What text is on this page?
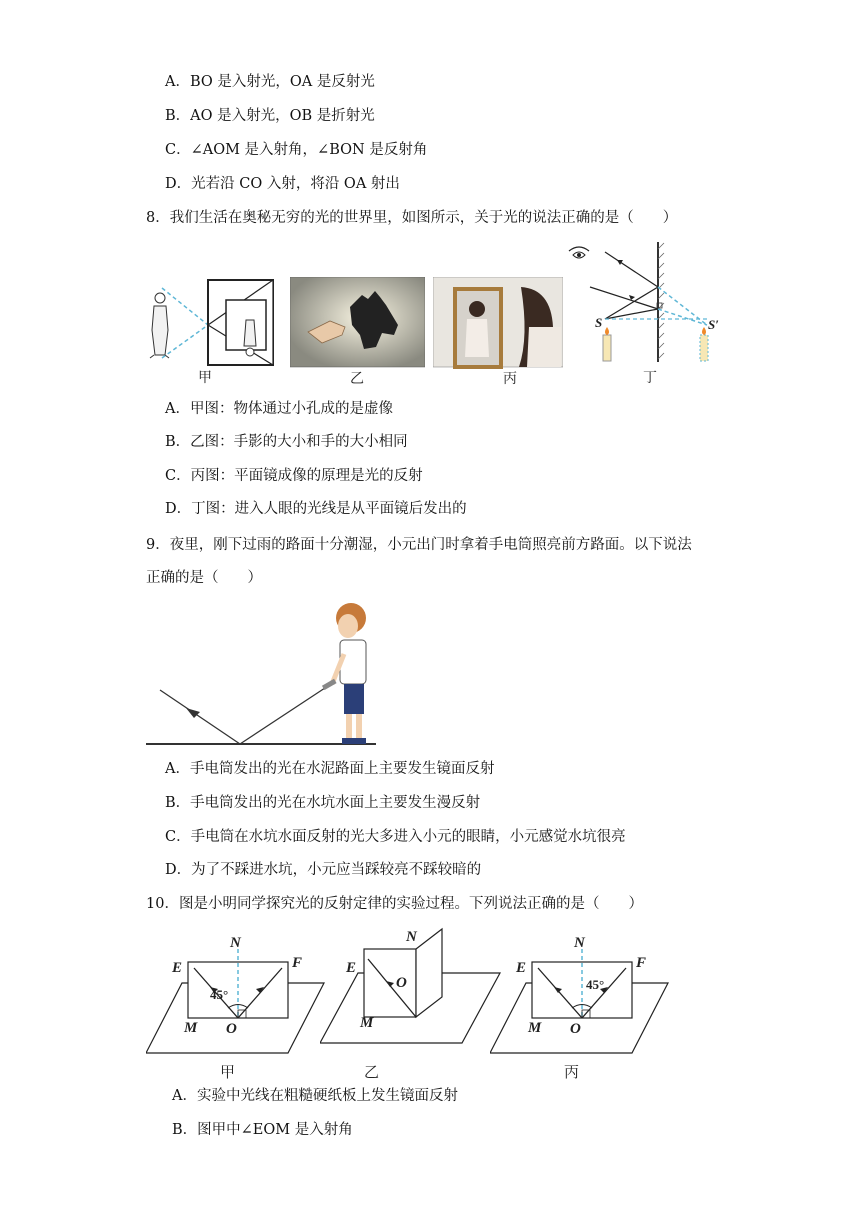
A．BO 是入射光，OA 是反射光
B．AO 是入射光，OB 是折射光
C．∠AOM 是入射角，∠BON 是反射角
D．光若沿 CO 入射，将沿 OA 射出
8．我们生活在奥秘无穷的光的世界里，如图所示，关于光的说法正确的是（　　）
甲	乙	丙
S	S′
丁
A．甲图：物体通过小孔成的是虚像
B．乙图：手影的大小和手的大小相同
C．丙图：平面镜成像的原理是光的反射
D．丁图：进入人眼的光线是从平面镜后发出的
9．夜里，刚下过雨的路面十分潮湿，小元出门时拿着手电筒照亮前方路面。以下说法
正确的是（　　）
A．手电筒发出的光在水泥路面上主要发生镜面反射
B．手电筒发出的光在水坑水面上主要发生漫反射
C．手电筒在水坑水面反射的光大多进入小元的眼睛，小元感觉水坑很亮
D．为了不踩进水坑，小元应当踩较亮不踩较暗的
10．图是小明同学探究光的反射定律的实验过程。下列说法正确的是（　　）
N
E	F
M O
45°
甲
N
E
O
M
乙
N
E	F
M O
45°
丙
A．实验中光线在粗糙硬纸板上发生镜面反射
B．图甲中∠EOM 是入射角
